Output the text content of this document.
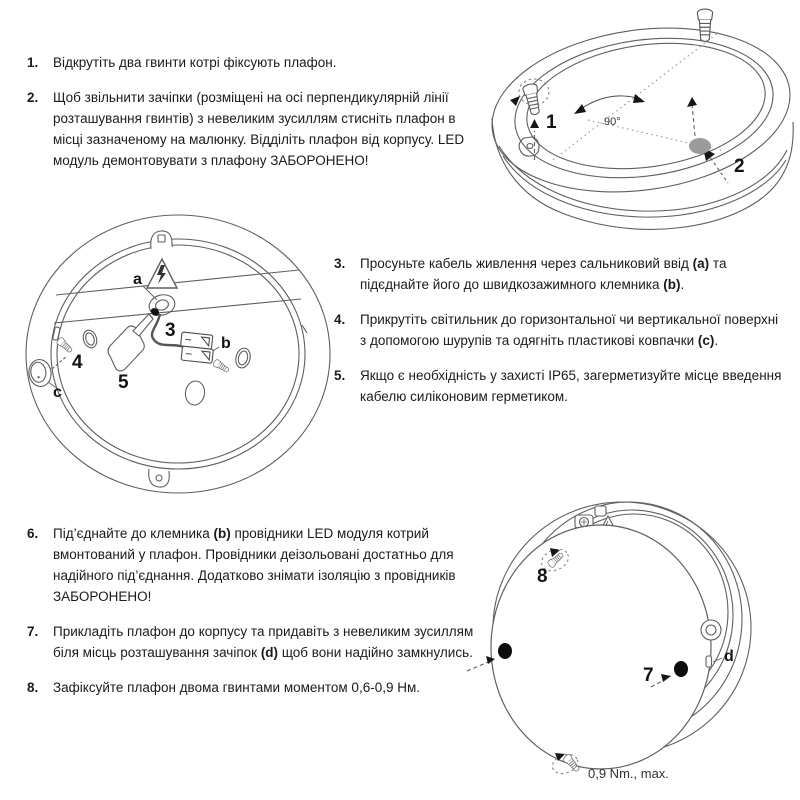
1.	Відкрутіть два гвинти котрі фіксують плафон.
2.	Щоб звільнити зачіпки (розміщені на осі перпендикулярній лінії розташування гвинтів) з невеликим зусиллям стисніть плафон в місці зазначеному на малюнку. Відділіть плафон від корпусу. LED модуль демонтовувати з плафону ЗАБОРОНЕНО!
3.	Просуньте кабель живлення через сальниковий ввід (a) та підєднайте його до швидкозажимного клемника (b).
4.	Прикрутіть світильник до горизонтальної чи вертикальної поверхні з допомогою шурупів та одягніть пластикові ковпачки (c).
5.	Якщо є необхідність у захисті IP65, загерметизуйте місце введення кабелю силіконовим герметиком.
6.	Під’єднайте до клемника (b) провідники LED модуля котрий вмонтований у плафон. Провідники деізольовані достатньо для надійного під’єднання. Додатково знімати ізоляцію з провідників ЗАБОРОНЕНО!
7.	Прикладіть плафон до корпусу та придавіть з невеликим зусиллям біля місць розташування зачіпок (d) щоб вони надійно замкнулись.
8.	Зафіксуйте плафон двома гвинтами моментом 0,6-0,9 Нм.
1
2
90°
a
3
b
4
5
c
8
7
d
0,9 Nm., max.
